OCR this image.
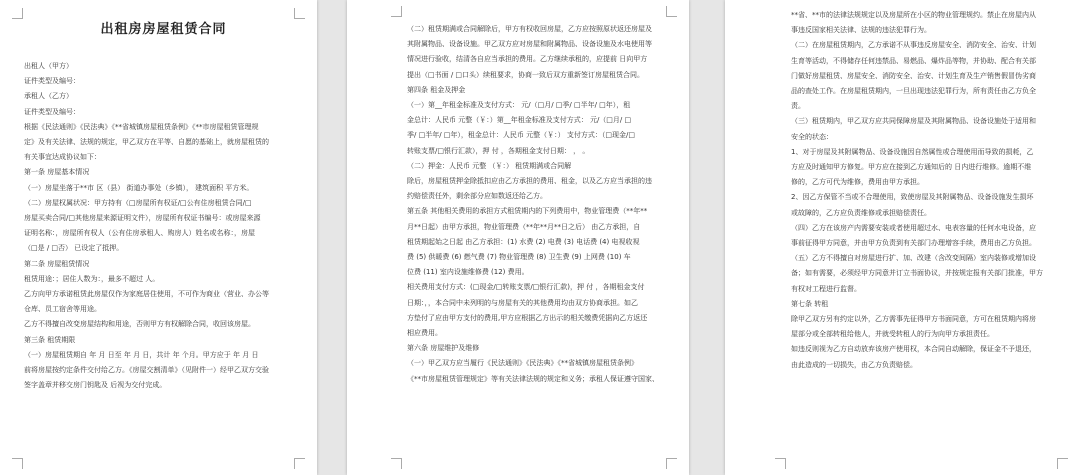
出租房房屋租赁合同

出租人（甲方）

证件类型及编号：

承租人（乙方）

证件类型及编号：

根据《民法通则》《民法典》《**省城镇房屋租赁条例》《**市房屋租赁管理规

定》及有关法律、法规的规定，甲乙双方在平等、自愿的基础上，就房屋租赁的

有关事宜达成协议如下：

第一条 房屋基本情况

（一）房屋坐落于**市 区（县） 街道办事处（乡镇）， 建筑面积 平方米。

（二）房屋权属状况：甲方持有（□房屋所有权证/□公有住房租赁合同/□

房屋买卖合同/□其他房屋来源证明文件），房屋所有权证书编号：或房屋来源

证明名称：，房屋所有权人（公有住房承租人、购房人）姓名或名称：，房屋

（□是 / □否） 已设定了抵押。

第二条 房屋租赁情况

租赁用途：；居住人数为：，最多不超过 人。

乙方向甲方承诺租赁此房屋仅作为家庭居住使用，不可作为商业（营业、办公等

仓库、员工宿舍等用途。

乙方不得擅自改变房屋结构和用途，否则甲方有权解除合同，收回该房屋。

第三条 租赁期限

（一）房屋租赁期自 年 月 日至 年 月 日，共计 年 个月。甲方应于 年 月 日

前将房屋按约定条件交付给乙方。《房屋交割清单》（见附件一）经甲乙双方交验

签字盖章并移交房门钥匙及 后视为交付完成。

（二）租赁期满或合同解除后，甲方有权收回房屋，乙方应按照原状返还房屋及

其附属物品、设备设施。甲乙双方应对房屋和附属物品、设备设施及水电使用等

情况进行验收，结清各自应当承担的费用。乙方继续承租的，应提前 日向甲方

提出（□书面 / □口头）续租要求，协商一致后双方重新签订房屋租赁合同。

第四条 租金及押金

（一）第__年租金标准及支付方式： 元/（□月/ □季/ □半年/ □年），租

金总计：人民币 元整（￥：）第__年租金标准及支付方式： 元/（□月/ □

季/ □半年/ □年），租金总计：人民币 元整（￥：） 支付方式：（□现金/□

转账支票/□银行汇款），押 付 ，各期租金支付日期： ， 。

（二）押金：人民币 元整 （￥：） 租赁期满或合同解

除后，房屋租赁押金除抵扣应由乙方承担的费用、租金，以及乙方应当承担的违

约赔偿责任外，剩余部分应如数返还给乙方。

第五条 其他相关费用的承担方式租赁期内的下列费用中，物业管理费（**年**

月**日起）由甲方承担，物业管理费（**年**月**日之后） 由乙方承担，自

租赁期起始之日起 由乙方承担：(1) 水费 (2) 电费 (3) 电话费 (4) 电视收视

费 (5) 供暖费 (6) 燃气费 (7) 物业管理费 (8) 卫生费 (9) 上网费 (10) 车

位费 (11) 室内设施维修费 (12) 费用。

相关费用支付方式：(□现金/□转账支票/□银行汇款)，押 付 ，各期租金支付

日期：，，本合同中未列明的与房屋有关的其他费用均由双方协商承担。如乙

方垫付了应由甲方支付的费用,甲方应根据乙方出示的相关缴费凭据向乙方返还

相应费用。

第六条 房屋维护及维修

（一）甲乙双方应当履行《民法通则》《民法典》《**省城镇房屋租赁条例》

《**市房屋租赁管理规定》等有关法律法规的规定和义务；承租人保证遵守国家、

**省、**市的法律法规规定以及房屋所在小区的物业管理规约。禁止在房屋内从

事违反国家相关法律、法规的违法犯罪行为。

（二）在房屋租赁期内，乙方承诺不从事违反房屋安全、消防安全、治安、计划

生育等活动，不得储存任何违禁品、易燃品、爆炸品等物，并协助、配合有关部

门做好房屋租赁、房屋安全、消防安全、治安、计划生育及生产销售假冒伪劣商

品的查处工作。在房屋租赁期内，一旦出现违法犯罪行为，所有责任由乙方负全

责。

（三）租赁期内，甲乙双方应共同保障房屋及其附属物品、设备设施处于适用和

安全的状态：

1、对于房屋及其附属物品、设备设施因自然属性或合理使用而导致的损耗，乙

方应及时通知甲方修复。甲方应在接到乙方通知后的 日内进行维修。逾期不维

修的，乙方可代为维修，费用由甲方承担。

2、因乙方保管不当或不合理使用，致使房屋及其附属物品、设备设施发生损坏

或故障的，乙方应负责维修或承担赔偿责任。

（四）乙方在该房产内需要安装或者使用超过水、电表容量的任何水电设备，应

事前征得甲方同意，并由甲方负责到有关部门办理增容手续，费用由乙方负担。

（五）乙方不得擅自对房屋进行扩、加、改建（含改变间隔）室内装修或增加设

备；如有需要，必须经甲方同意并订立书面协议，并按规定报有关部门批准，甲方

有权对工程进行监督。

第七条 转租

除甲乙双方另有约定以外，乙方需事先征得甲方书面同意，方可在租赁期内将房

屋部分或全部转租给他人，并就受转租人的行为向甲方承担责任。

如违反则视为乙方自动放弃该房产使用权，本合同自动解除，保证金不予退还，

由此造成的一切损失，由乙方负责赔偿。
